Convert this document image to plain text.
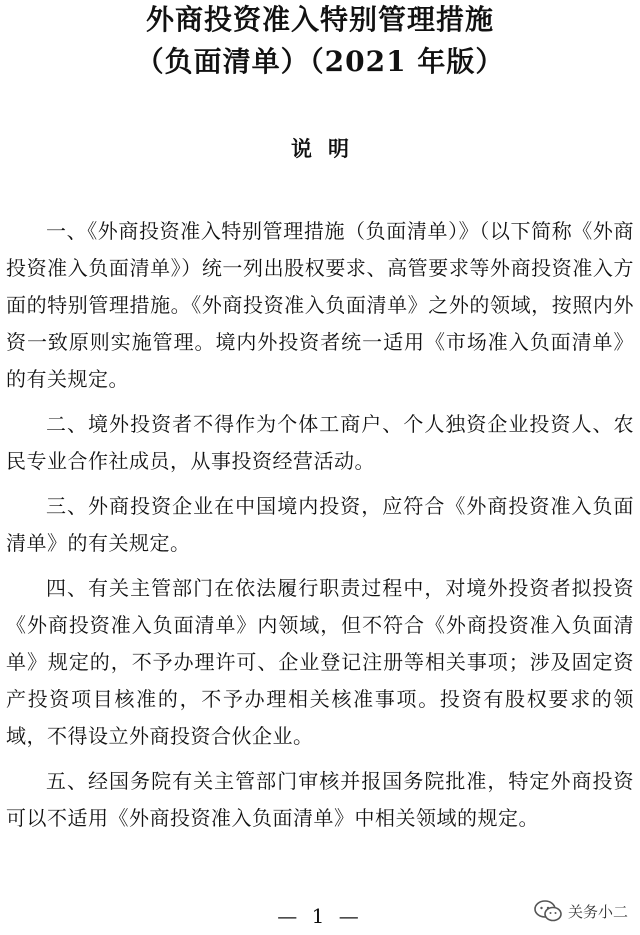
外商投资准入特别管理措施
（负面清单）（2021 年版）
说明

一、《外商投资准入特别管理措施（负面清单）》（以下简称《外商投资准入负面清单》）统一列出股权要求、高管要求等外商投资准入方面的特别管理措施。《外商投资准入负面清单》之外的领域，按照内外资一致原则实施管理。境内外投资者统一适用《市场准入负面清单》的有关规定。

二、境外投资者不得作为个体工商户、个人独资企业投资人、农民专业合作社成员，从事投资经营活动。

三、外商投资企业在中国境内投资，应符合《外商投资准入负面清单》的有关规定。

四、有关主管部门在依法履行职责过程中，对境外投资者拟投资《外商投资准入负面清单》内领域，但不符合《外商投资准入负面清单》规定的，不予办理许可、企业登记注册等相关事项；涉及固定资产投资项目核准的，不予办理相关核准事项。投资有股权要求的领域，不得设立外商投资合伙企业。

五、经国务院有关主管部门审核并报国务院批准，特定外商投资可以不适用《外商投资准入负面清单》中相关领域的规定。

— 1 —	关务小二
